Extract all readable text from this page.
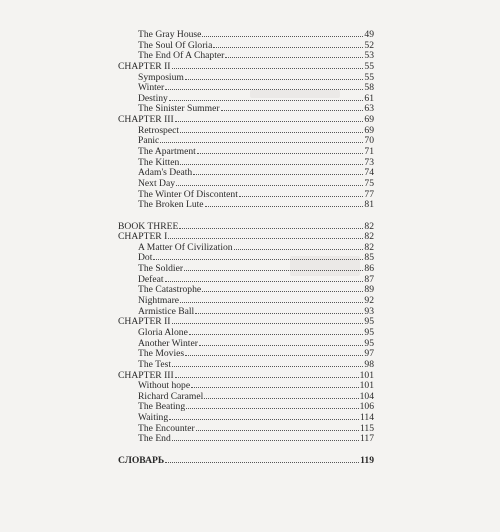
The Gray House	49
The Soul Of Gloria	52
The End Of A Chapter	53
CHAPTER II	55
Symposium	55
Winter	58
Destiny	61
The Sinister Summer	63
CHAPTER III	69
Retrospect	69
Panic	70
The Apartment	71
The Kitten	73
Adam's Death	74
Next Day	75
The Winter Of Discontent	77
The Broken Lute	81
BOOK THREE	82
CHAPTER I	82
A Matter Of Civilization	82
Dot	85
The Soldier	86
Defeat	87
The Catastrophe	89
Nightmare	92
Armistice Ball	93
CHAPTER II	95
Gloria Alone	95
Another Winter	95
The Movies	97
The Test	98
CHAPTER III	101
Without hope	101
Richard Caramel	104
The Beating	106
Waiting	114
The Encounter	115
The End	117
СЛОВАРЬ	119
